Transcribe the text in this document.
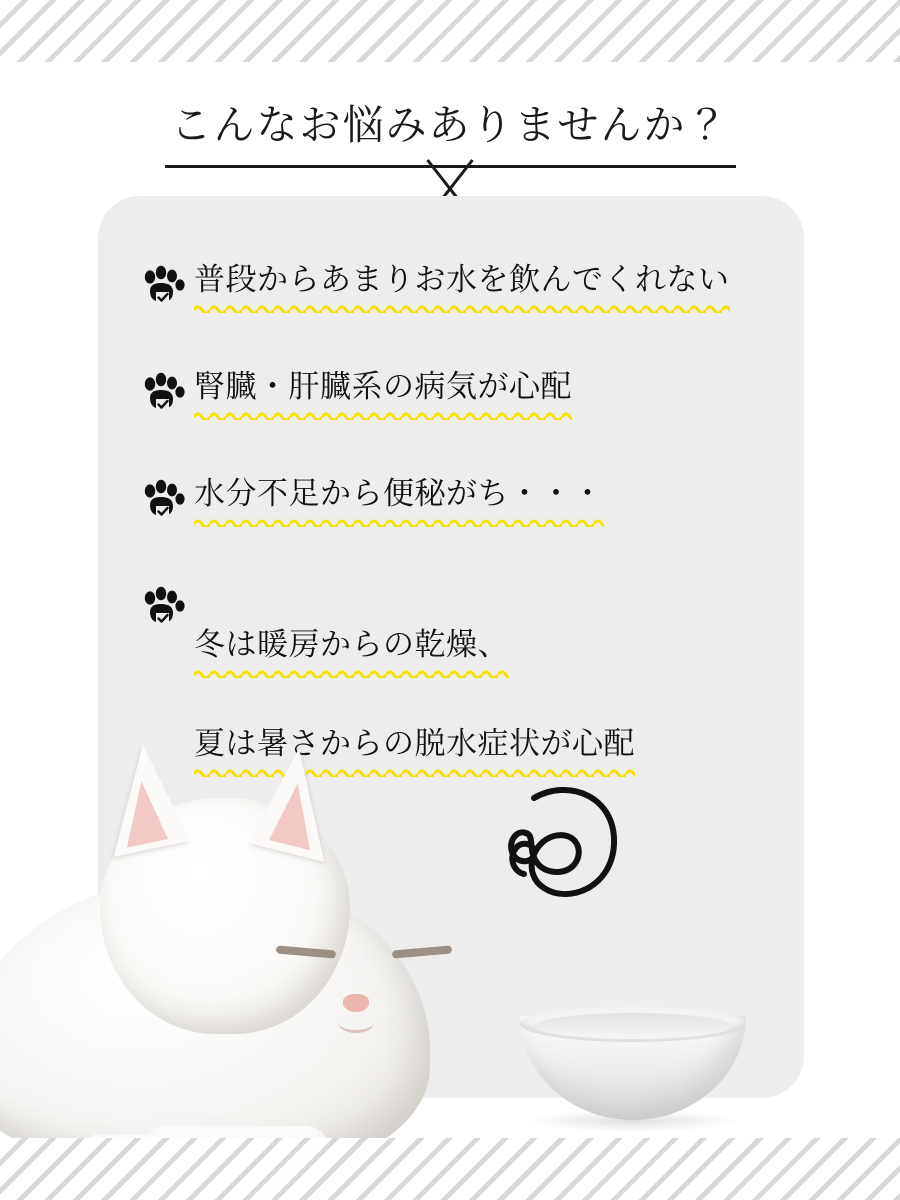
こんなお悩みありませんか？
普段からあまりお水を飲んでくれない
腎臓・肝臓系の病気が心配
水分不足から便秘がち・・・

冬は暖房からの乾燥、

夏は暑さからの脱水症状が心配
